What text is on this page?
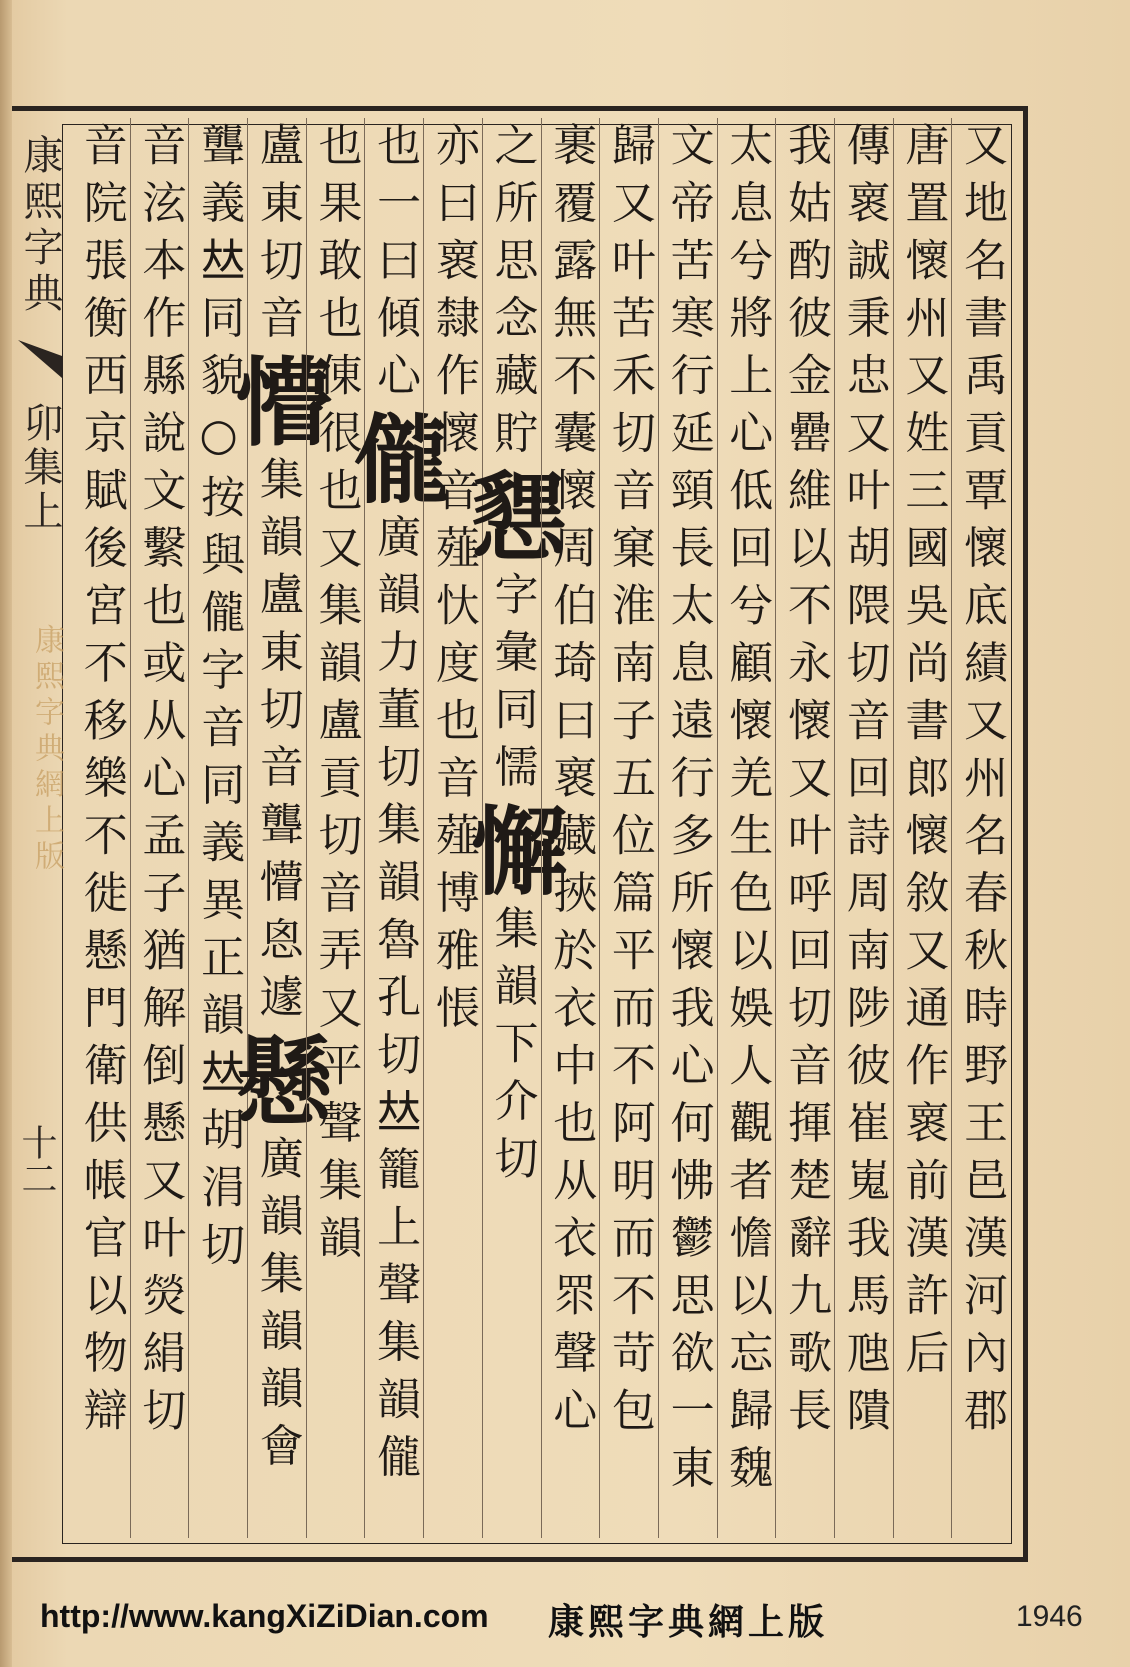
康熙字典
卯集上
康熙字典網上版
十二	又地名書禹貢覃懷底績又州名春秋時野王邑漢河內郡
唐置懷州又姓三國吳尚書郎懷敘又通作褱前漢許后
傳褱誠秉忠又叶胡隈切音回詩周南陟彼崔嵬我馬虺隤
我姑酌彼金罍維以不永懷又叶呼回切音揮楚辭九歌長
太息兮將上心低回兮顧懷羌生色以娛人觀者憺以忘歸魏
文帝苦寒行延頸長太息遠行多所懷我心何怫鬱思欲一東
歸又叶苦禾切音窠淮南子五位篇平而不阿明而不苛包
裹覆露無不囊懷周伯琦曰褱藏挾於衣中也从衣眔聲心
之所思念藏貯㦟字彙同懦懈集韻下介切
亦曰褱隸作懷音薤忕度也音薤博雅悵
也一曰傾心儱廣韻力董切集韻魯孔切𠀤籠上聲集韻儱
也果敢也倲很也又集韻盧貢切音弄又平聲集韻
盧東切音懵集韻盧東切音聾懵恖遽懸廣韻集韻韻會
聾義𠀤同貌○按與儱字音同義異正韻𠀤胡涓切
音泫本作縣說文繫也或从心孟子猶解倒懸又叶熒絹切
音院張衡西京賦後宮不移樂不徙懸門衛供帳官以物辯
http://www.kangXiZiDian.com 康熙字典網上版	1946
